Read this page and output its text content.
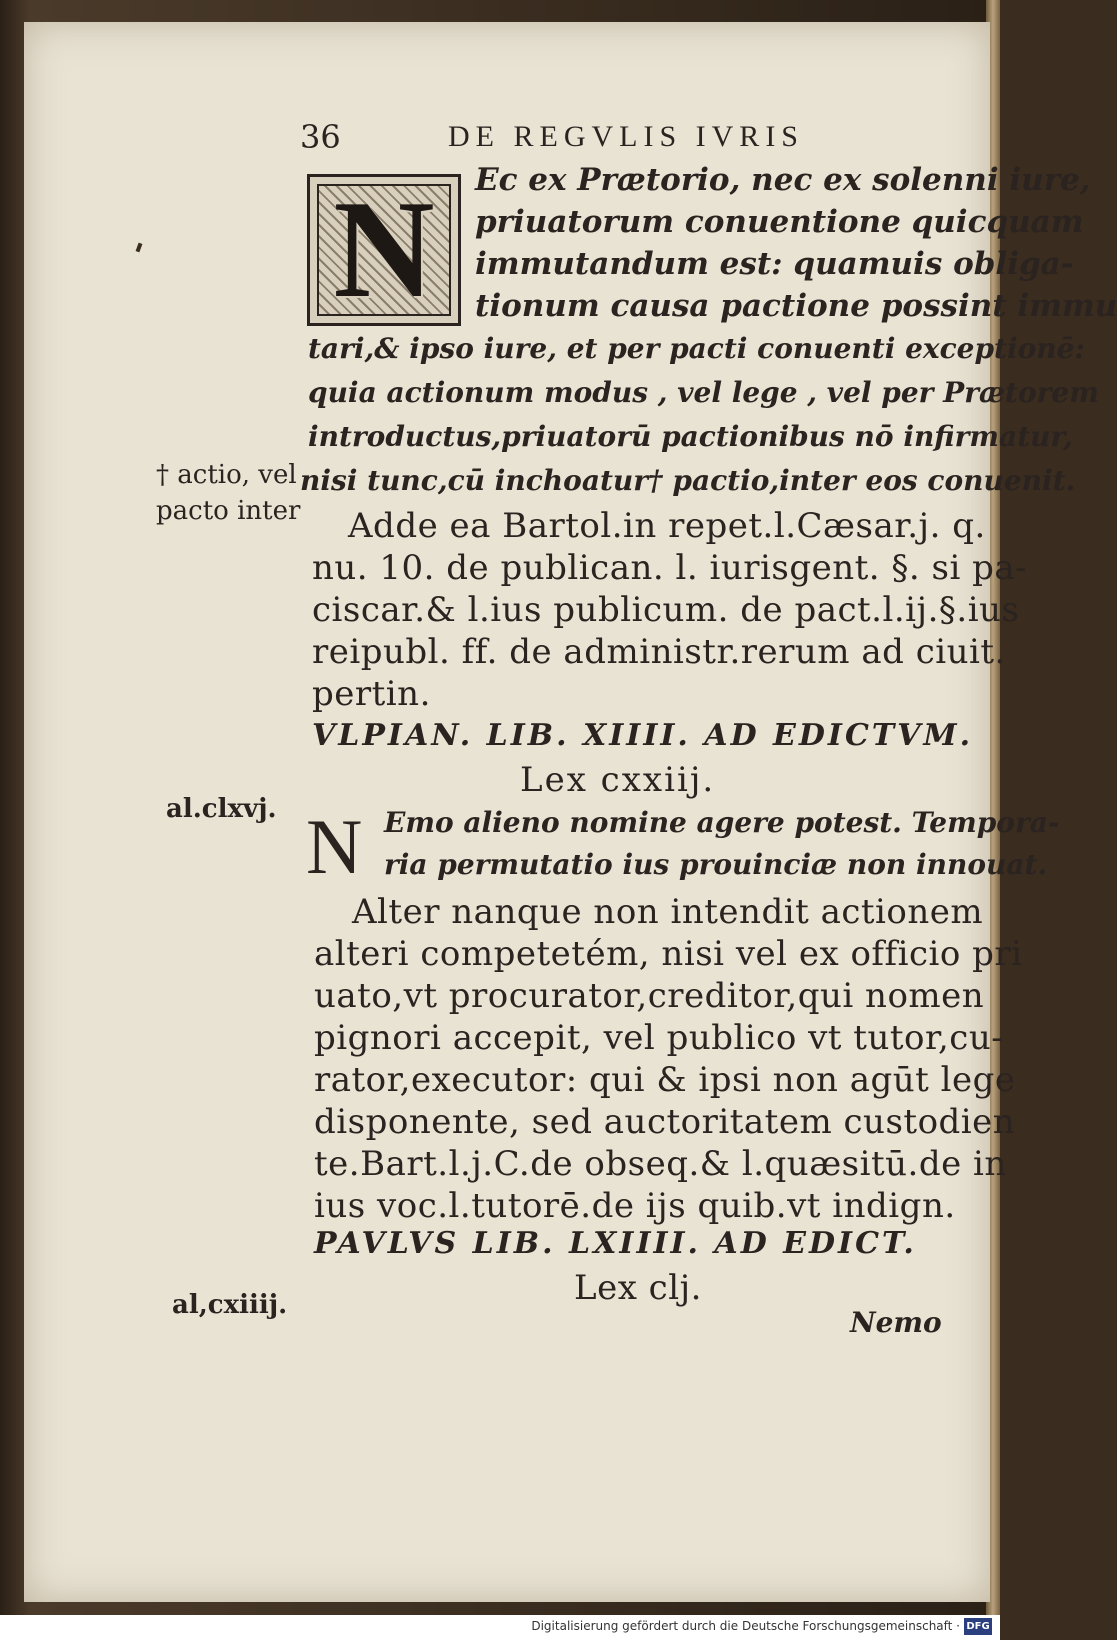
36	DE REGVLIS IVRIS
N	Ec ex Prætorio, nec ex solenni iure,
priuatorum conuentione quicquam
immutandum est: quamuis obliga-
tionum causa pactione possint immu
tari,& ipso iure, et per pacti conuenti exceptionē:
quia actionum modus , vel lege , vel per Prætorem
introductus,priuatorū pactionibus nō infirmatur,
nisi tunc,cū inchoatur† pactio,inter eos conuenit.
† actio, vel
pacto inter Adde ea Bartol.in repet.l.Cæsar.j. q.
nu. 10. de publican. l. iurisgent. §. si pa-
ciscar.& l.ius publicum. de pact.l.ij.§.ius
reipubl. ff. de administr.rerum ad ciuit.
pertin.
VLPIAN. LIB. XIIII. AD EDICTVM.
Lex cxxiij.
al.clxvj. N Emo alieno nomine agere potest. Tempora-
ria permutatio ius prouinciæ non innouat.
Alter nanque non intendit actionem
alteri competetém, nisi vel ex officio pri
uato,vt procurator,creditor,qui nomen
pignori accepit, vel publico vt tutor,cu-
rator,executor: qui & ipsi non agūt lege
disponente, sed auctoritatem custodien
te.Bart.l.j.C.de obseq.& l.quæsitū.de in
ius voc.l.tutorē.de ijs quib.vt indign.
PAVLVS LIB. LXIIII. AD EDICT.
Lex clj.
al,cxiiij.
Nemo
Digitalisierung gefördert durch die Deutsche Forschungsgemeinschaft · DFG
